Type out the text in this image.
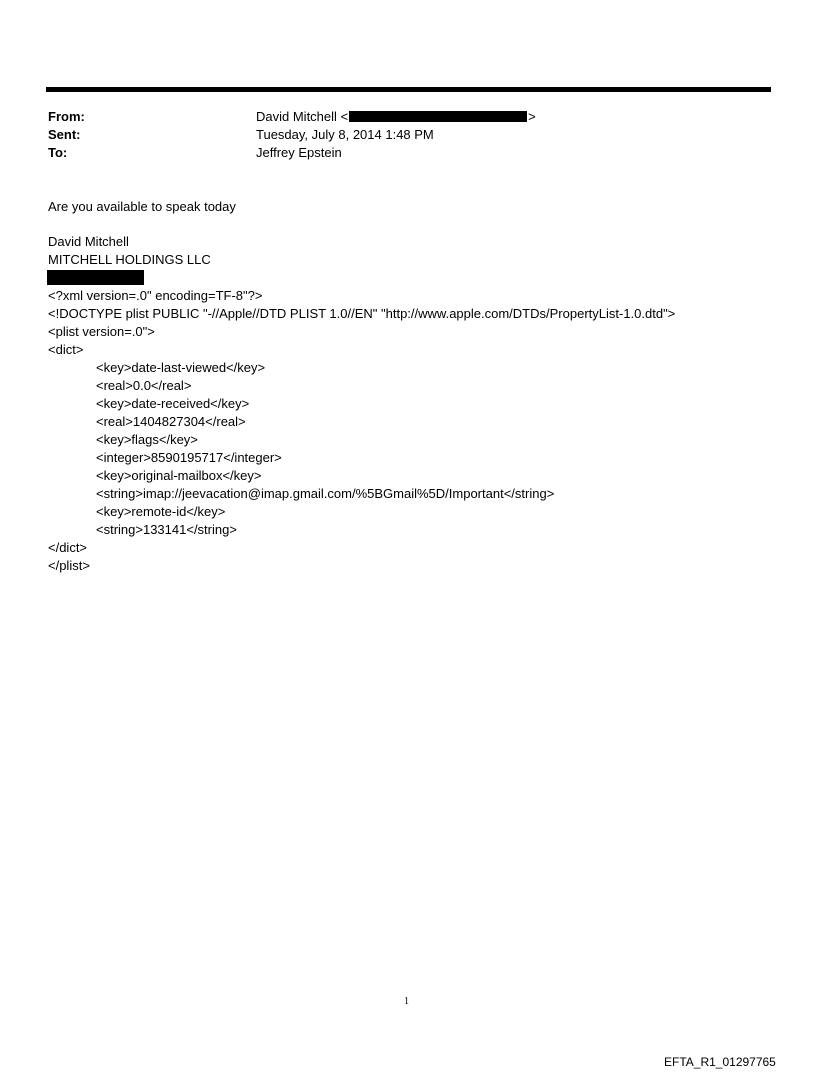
From:	David Mitchell <	>
Sent:	Tuesday, July 8, 2014 1:48 PM
To:	Jeffrey Epstein
Are you available to speak today
David Mitchell
MITCHELL HOLDINGS LLC
<?xml version=.0" encoding=TF-8"?>
<!DOCTYPE plist PUBLIC "-//Apple//DTD PLIST 1.0//EN" "http://www.apple.com/DTDs/PropertyList-1.0.dtd">
<plist version=.0">
<dict>
<key>date-last-viewed</key>
<real>0.0</real>
<key>date-received</key>
<real>1404827304</real>
<key>flags</key>
<integer>8590195717</integer>
<key>original-mailbox</key>
<string>imap://jeevacation@imap.gmail.com/%5BGmail%5D/Important</string>
<key>remote-id</key>
<string>133141</string>
</dict>
</plist>
1
EFTA_R1_01297765
